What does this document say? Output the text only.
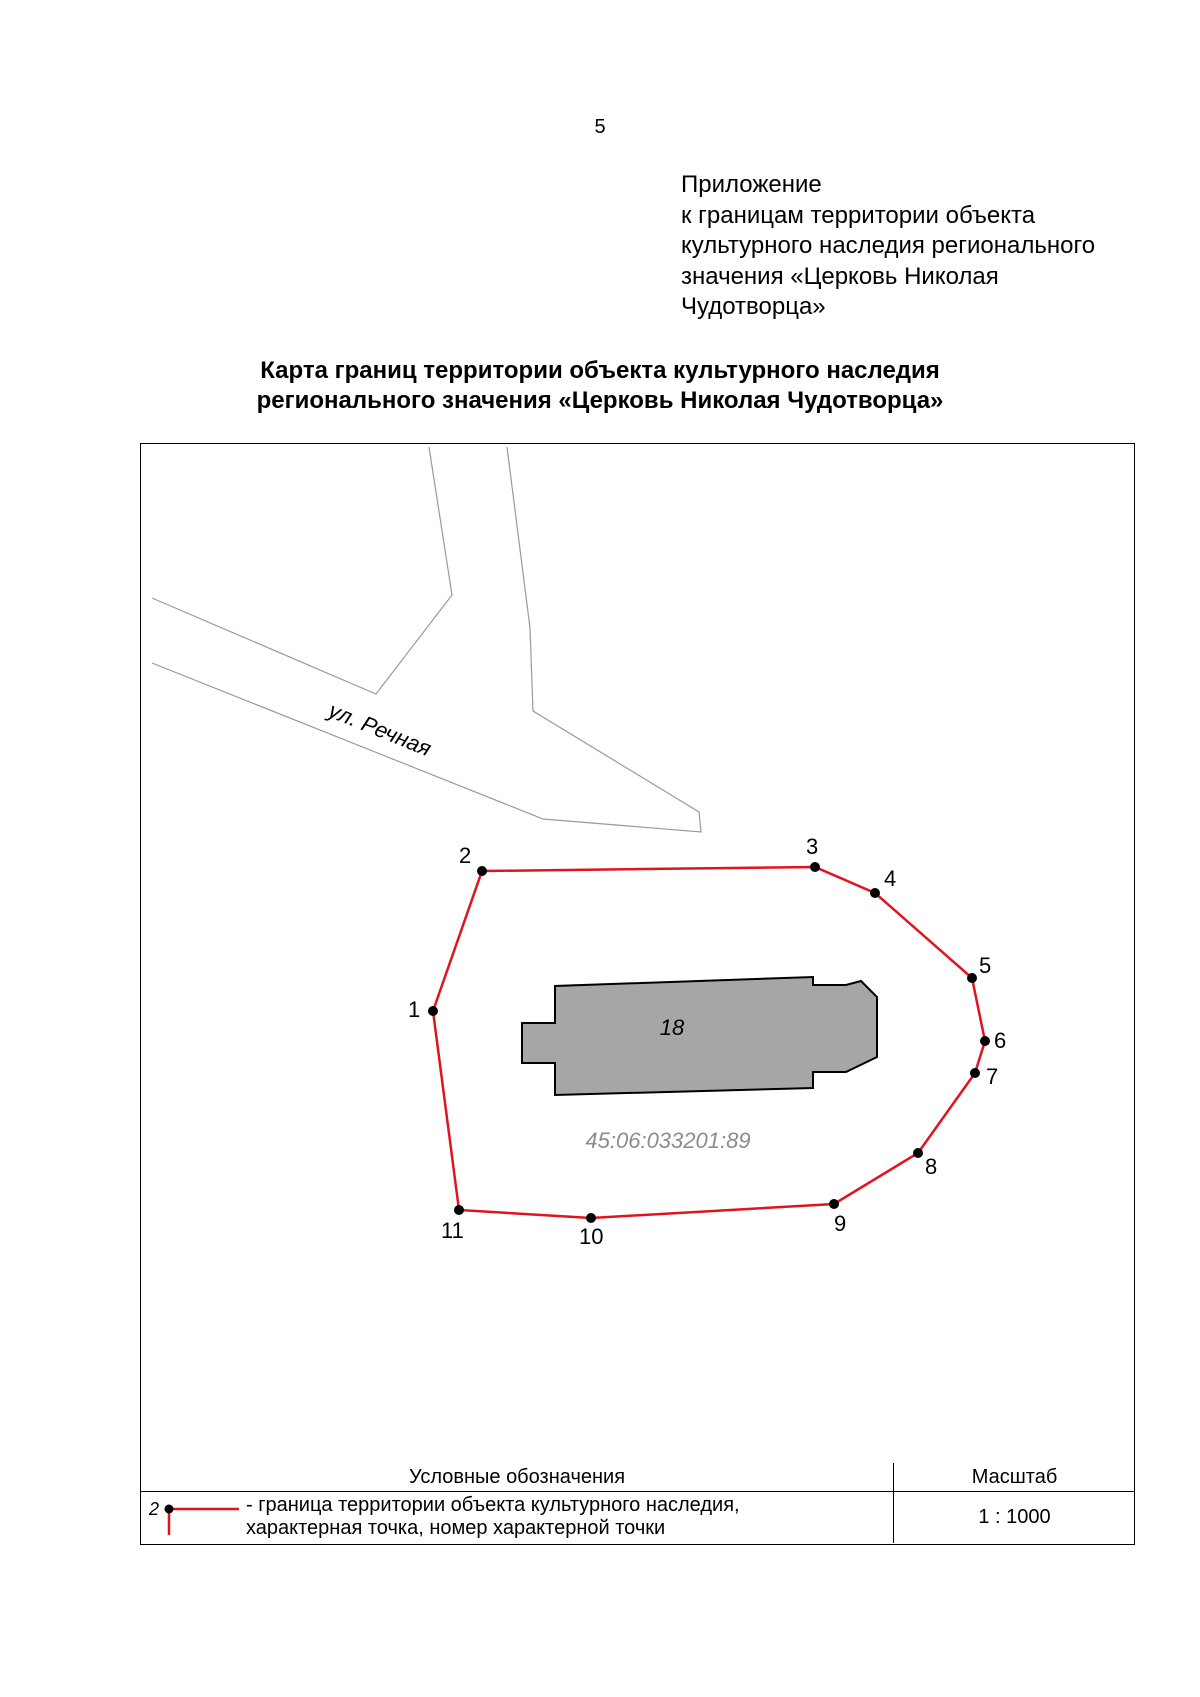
5
Приложение
к границам территории объекта
культурного наследия регионального
значения «Церковь Николая
Чудотворца»
Карта границ территории объекта культурного наследия
регионального значения «Церковь Николая Чудотворца»
ул. Речная
18
45:06:033201:89
1
2	3
4
5
6
7
8
9
10
11
Условные обозначения	Масштаб
2	- граница территории объекта культурного наследия,
характерная точка, номер характерной точки	1 : 1000
